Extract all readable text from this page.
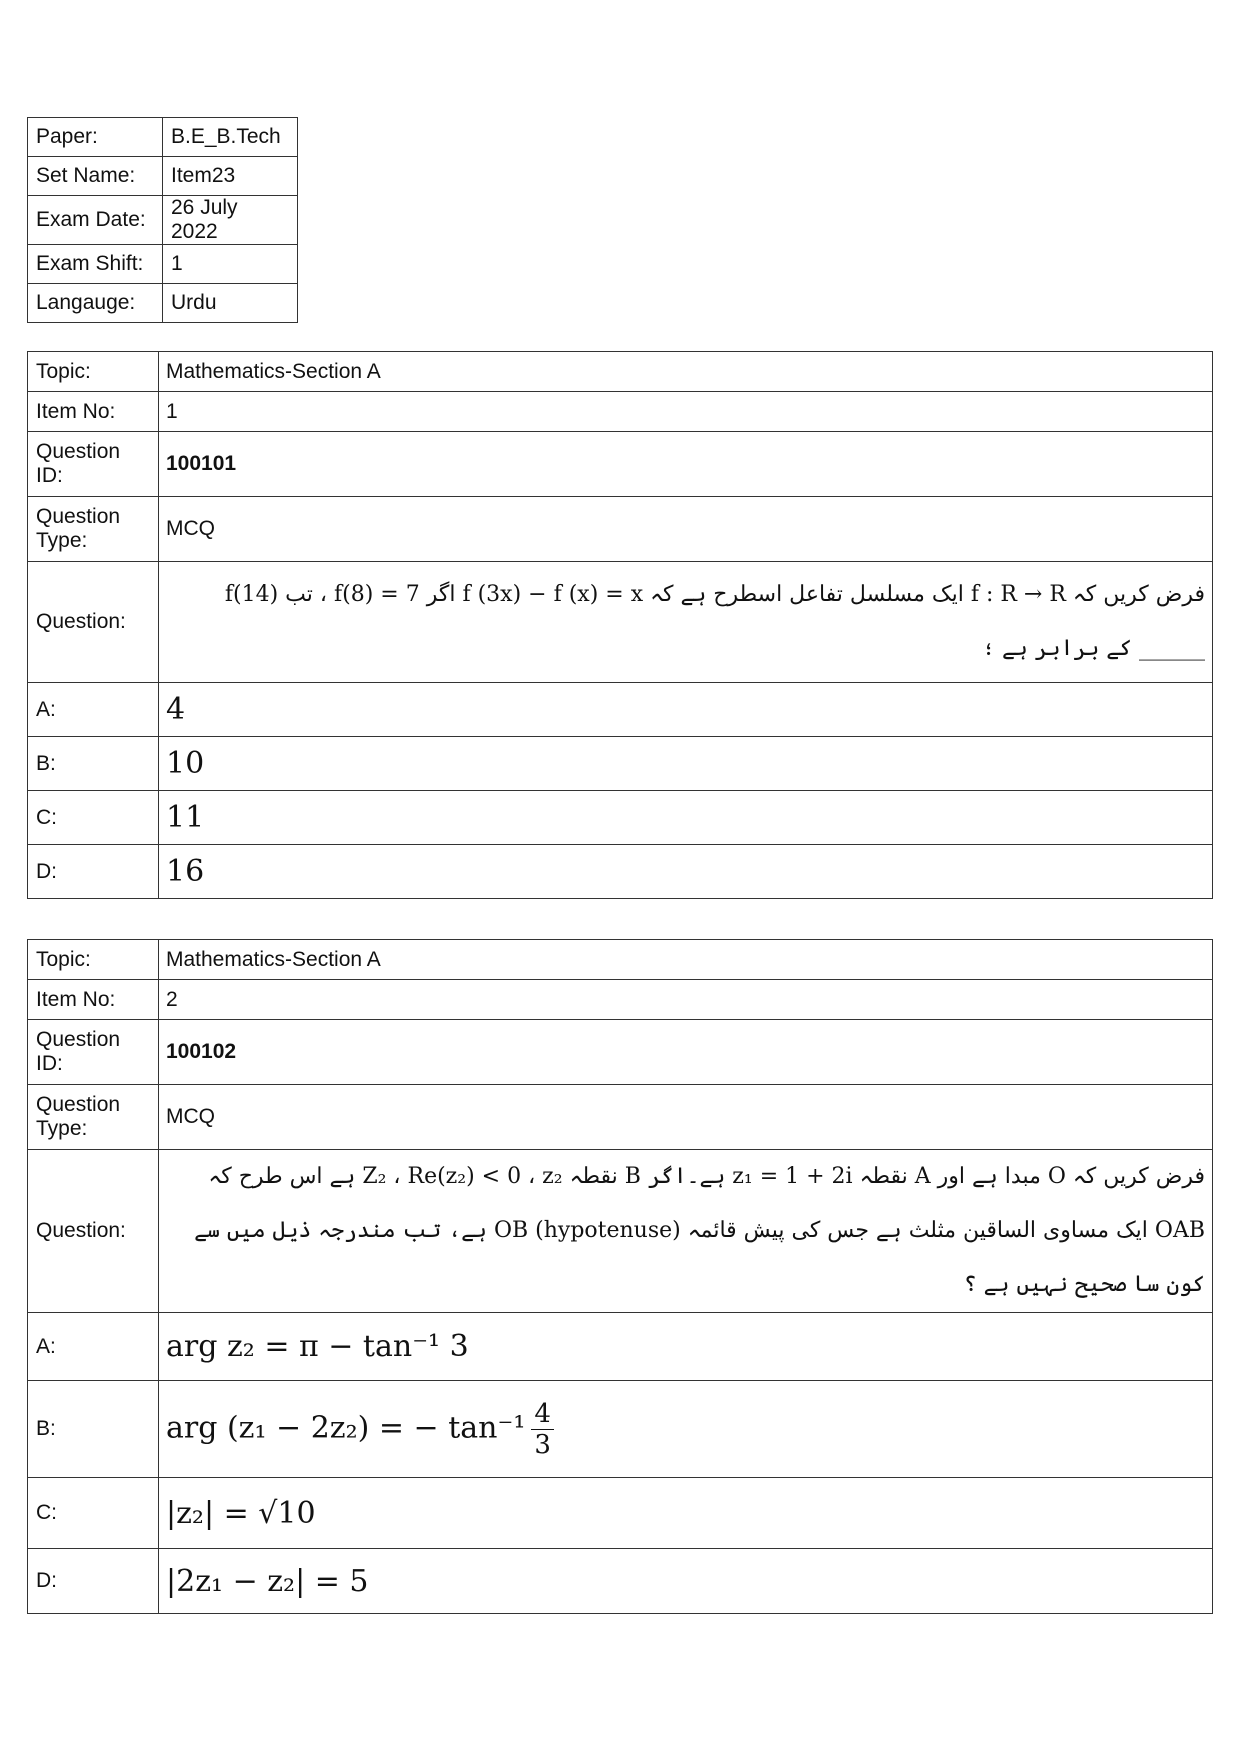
Paper:	B.E_B.Tech
Set Name:	Item23
Exam Date:	26 July 2022
Exam Shift:	1
Langauge:	Urdu
Topic:	Mathematics-Section A
Item No:	1
Question ID:	100101
Question Type:	MCQ
Question:	فرض کریں کہ f : R → R ایک مسلسل تفاعل اسطرح ہے کہ f (3x) − f (x) = x اگر f(8) = 7 ، تب f(14) ______ کے برابر ہے ؛
A:	4
B:	10
C:	11
D:	16
Topic:	Mathematics-Section A
Item No:	2
Question ID:	100102
Question Type:	MCQ
Question:	فرض کریں کہ O مبدا ہے اور A نقطہ z₁ = 1 + 2i ہے۔اگر B نقطہ Z₂ ، Re(z₂) < 0 ، z₂ ہے اس طرح کہ OAB ایک مساوی الساقین مثلث ہے جس کی پیش قائمہ OB (hypotenuse) ہے، تب مندرجہ ذیل میں سے کون سا صحیح نہیں ہے ؟
A:	arg z₂ = π − tan⁻¹ 3
B:	arg (z₁ − 2z₂) = − $\tan^{-1} \frac{4}{3}$

C:	|z₂| = √10
D:	|2z₁ − z₂| = 5
